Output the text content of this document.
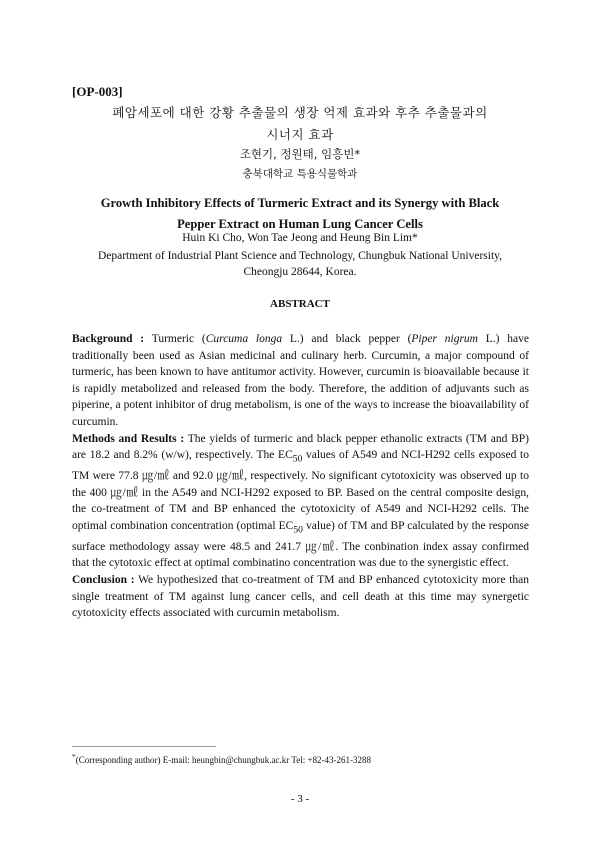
[OP-003]
폐암세포에 대한 강황 추출물의 생장 억제 효과와 후추 추출물과의
시너지 효과
조현기, 정원태, 임흥빈*
충북대학교 특용식물학과
Growth Inhibitory Effects of Turmeric Extract and its Synergy with Black
Pepper Extract on Human Lung Cancer Cells
Huin Ki Cho, Won Tae Jeong and Heung Bin Lim*
Department of Industrial Plant Science and Technology, Chungbuk National University,
Cheongju 28644, Korea.
ABSTRACT

Background : Turmeric (Curcuma longa L.) and black pepper (Piper nigrum L.) have traditionally been used as Asian medicinal and culinary herb. Curcumin, a major compound of turmeric, has been known to have antitumor activity. However, curcumin is bioavailable because it is rapidly metabolized and released from the body. Therefore, the addition of adjuvants such as piperine, a potent inhibitor of drug metabolism, is one of the ways to increase the bioavailability of curcumin.

Methods and Results : The yields of turmeric and black pepper ethanolic extracts (TM and BP) are 18.2 and 8.2% (w/w), respectively. The $EC_{50}$ values of A549 and NCI-H292 cells exposed to TM were 77.8 ㎍/㎖ and 92.0 ㎍/㎖, respectively. No significant cytotoxicity was observed up to the 400 ㎍/㎖ in the A549 and NCI-H292 exposed to BP. Based on the central composite design, the co-treatment of TM and BP enhanced the cytotoxicity of A549 and NCI-H292 cells. The optimal combination concentration (optimal $EC_{50}$ value) of TM and BP calculated by the response surface methodology assay were 48.5 and 241.7 ㎍/㎖. The conbination index assay confirmed that the cytotoxic effect at optimal combinatino concentration was due to the synergistic effect.

Conclusion : We hypothesized that co-treatment of TM and BP enhanced cytotoxicity more than single treatment of TM against lung cancer cells, and cell death at this time may synergetic cytotoxicity effects associated with curcumin metabolism.

*(Corresponding author) E-mail: heungbin@chungbuk.ac.kr Tel: +82-43-261-3288
- 3 -
